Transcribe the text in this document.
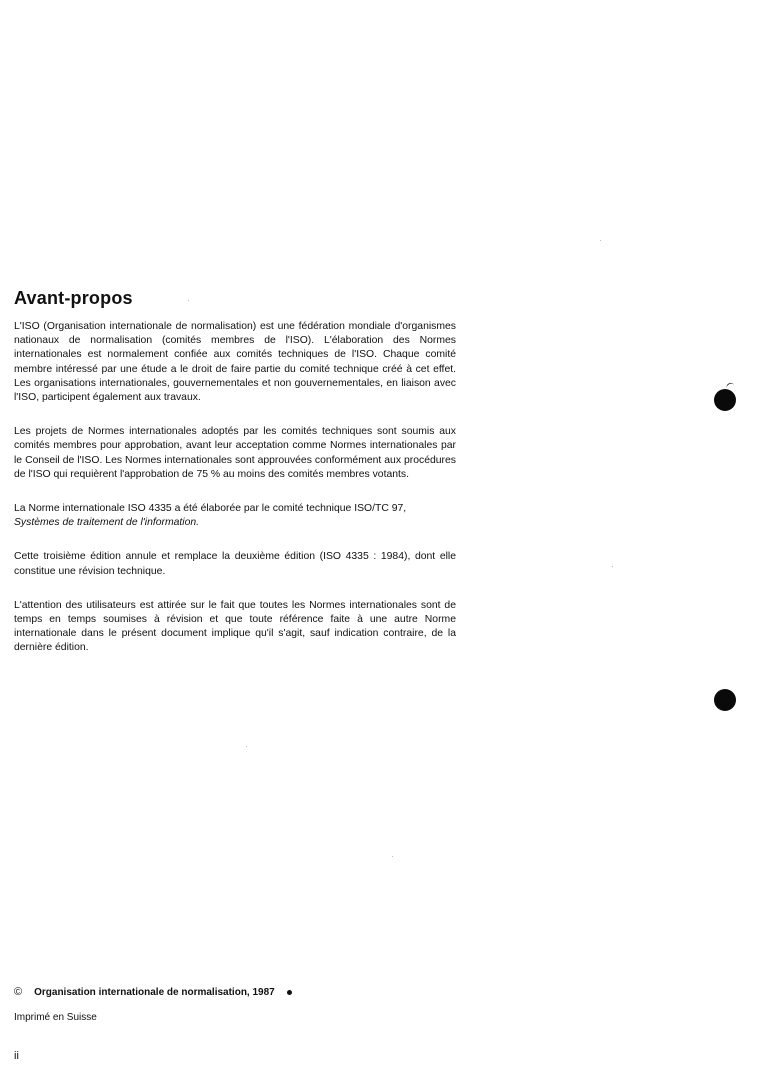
Avant-propos

L'ISO (Organisation internationale de normalisation) est une fédération mondiale d'organismes nationaux de normalisation (comités membres de l'ISO). L'élaboration des Normes internationales est normalement confiée aux comités techniques de l'ISO. Chaque comité membre intéressé par une étude a le droit de faire partie du comité technique créé à cet effet. Les organisations internationales, gouvernementales et non gouvernementales, en liaison avec l'ISO, participent également aux travaux.

Les projets de Normes internationales adoptés par les comités techniques sont soumis aux comités membres pour approbation, avant leur acceptation comme Normes internationales par le Conseil de l'ISO. Les Normes internationales sont approuvées conformément aux procédures de l'ISO qui requièrent l'approbation de 75 % au moins des comités membres votants.

La Norme internationale ISO 4335 a été élaborée par le comité technique ISO/TC 97,
Systèmes de traitement de l'information.

Cette troisième édition annule et remplace la deuxième édition (ISO 4335 : 1984), dont elle constitue une révision technique.

L'attention des utilisateurs est attirée sur le fait que toutes les Normes internationales sont de temps en temps soumises à révision et que toute référence faite à une autre Norme internationale dans le présent document implique qu'il s'agit, sauf indication contraire, de la dernière édition.

© Organisation internationale de normalisation, 1987
Imprimé en Suisse
ii
